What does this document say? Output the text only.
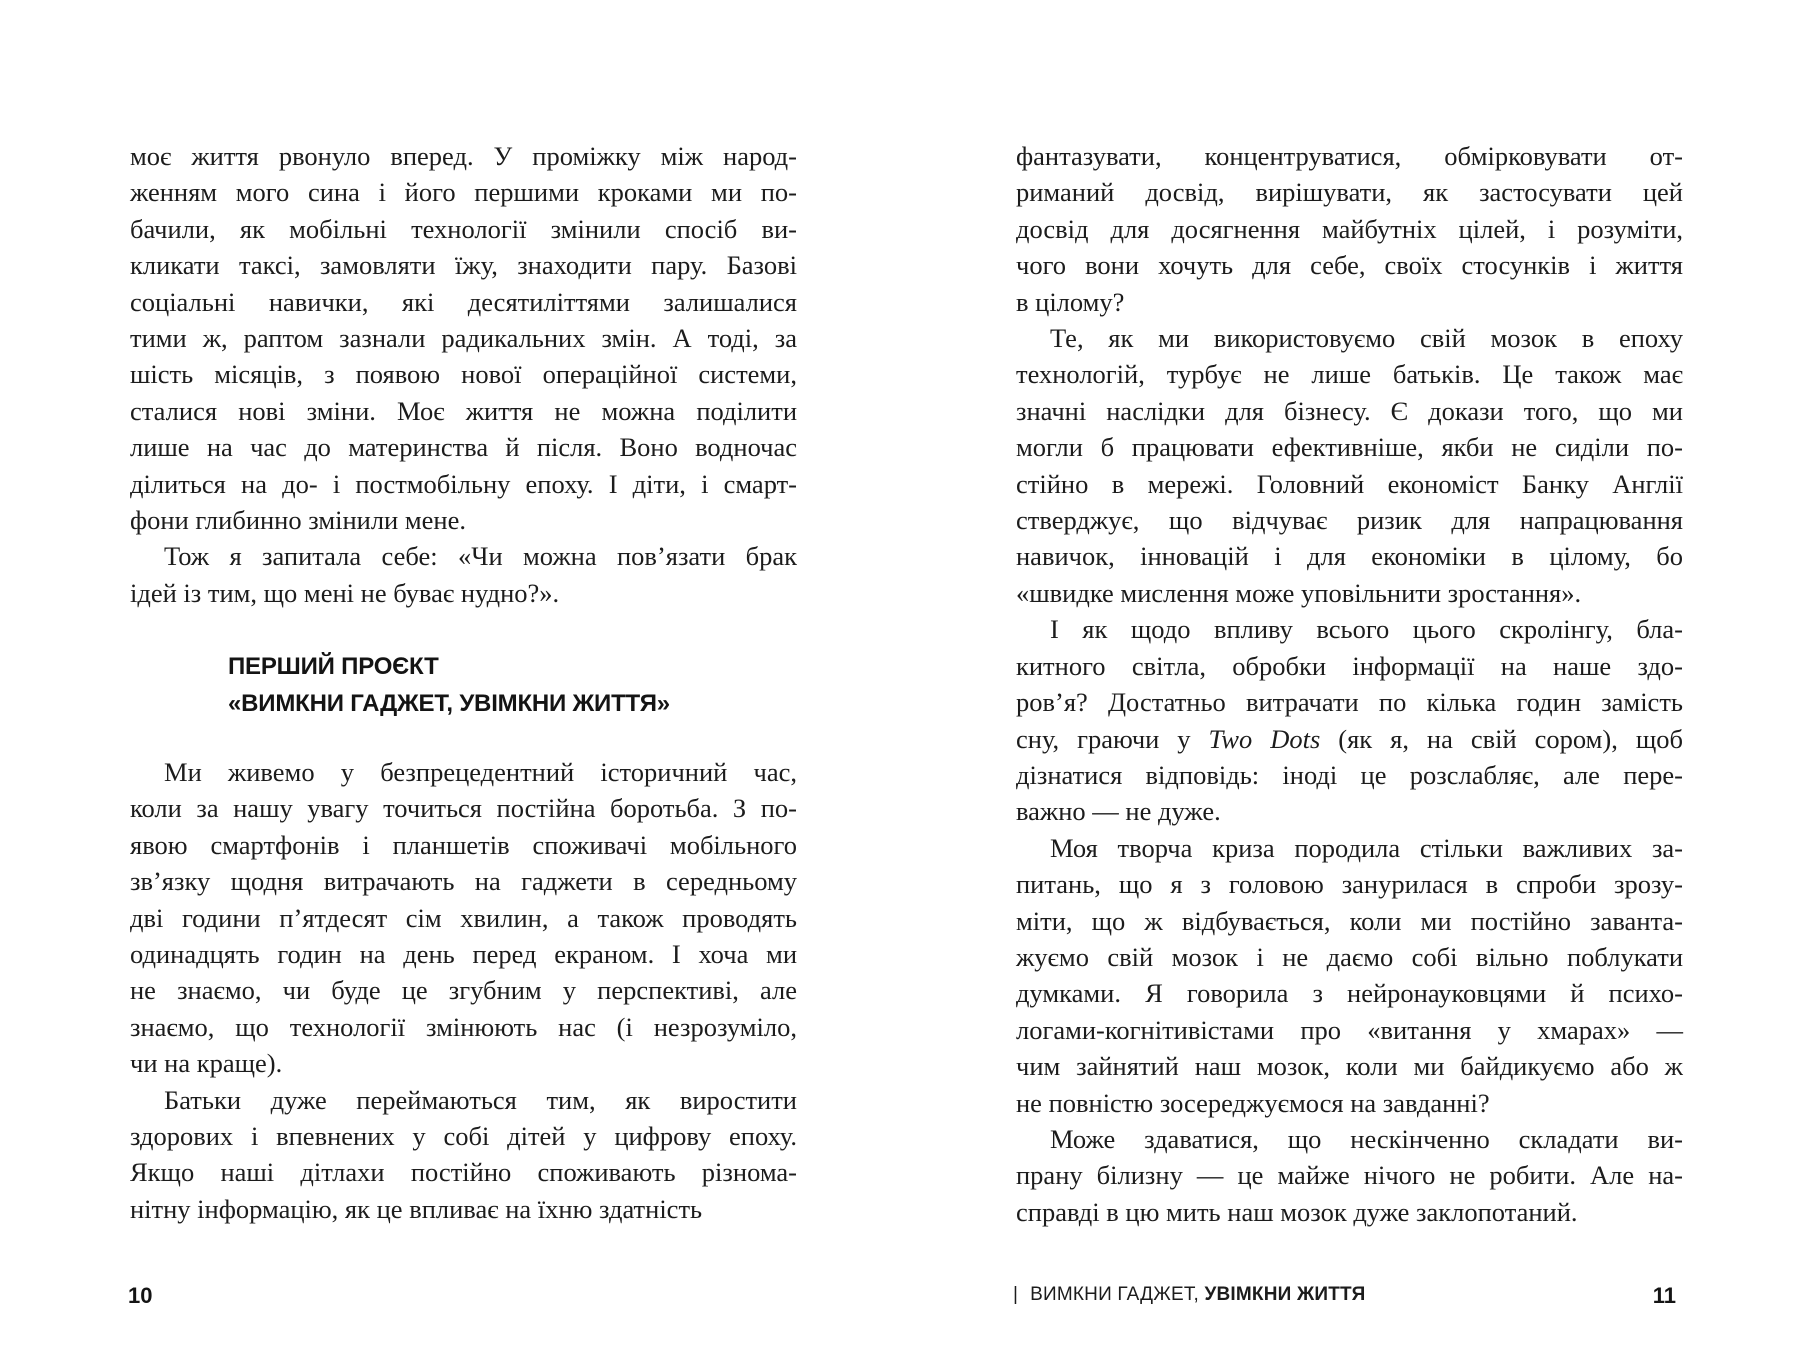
моє життя рвонуло вперед. У проміжку між народ-
женням мого сина і його першими кроками ми по-
бачили, як мобільні технології змінили спосіб ви-
кликати таксі, замовляти їжу, знаходити пару. Базові
соціальні навички, які десятиліттями залишалися
тими ж, раптом зазнали радикальних змін. А тоді, за
шість місяців, з появою нової операційної системи,
сталися нові зміни. Моє життя не можна поділити
лише на час до материнства й після. Воно водночас
ділиться на до- і постмобільну епоху. І діти, і смарт-
фони глибинно змінили мене.
Тож я запитала себе: «Чи можна пов’язати брак
ідей із тим, що мені не буває нудно?».
ПЕРШИЙ ПРОЄКТ
«ВИМКНИ ГАДЖЕТ, УВІМКНИ ЖИТТЯ»
Ми живемо у безпрецедентний історичний час,
коли за нашу увагу точиться постійна боротьба. З по-
явою смартфонів і планшетів споживачі мобільного
зв’язку щодня витрачають на гаджети в середньому
дві години п’ятдесят сім хвилин, а також проводять
одинадцять годин на день перед екраном. І хоча ми
не знаємо, чи буде це згубним у перспективі, але
знаємо, що технології змінюють нас (і незрозуміло,
чи на краще).
Батьки дуже переймаються тим, як виростити
здорових і впевнених у собі дітей у цифрову епоху.
Якщо наші дітлахи постійно споживають різнома-
нітну інформацію, як це впливає на їхню здатність
10
фантазувати, концентруватися, обмірковувати от-
риманий досвід, вирішувати, як застосувати цей
досвід для досягнення майбутніх цілей, і розуміти,
чого вони хочуть для себе, своїх стосунків і життя
в цілому?
Те, як ми використовуємо свій мозок в епоху
технологій, турбує не лише батьків. Це також має
значні наслідки для бізнесу. Є докази того, що ми
могли б працювати ефективніше, якби не сиділи по-
стійно в мережі. Головний економіст Банку Англії
стверджує, що відчуває ризик для напрацювання
навичок, інновацій і для економіки в цілому, бо
«швидке мислення може уповільнити зростання».
І як щодо впливу всього цього скролінгу, бла-
китного світла, обробки інформації на наше здо-
ров’я? Достатньо витрачати по кілька годин замість
сну, граючи у Two Dots (як я, на свій сором), щоб
дізнатися відповідь: іноді це розслабляє, але пере-
важно — не дуже.
Моя творча криза породила стільки важливих за-
питань, що я з головою занурилася в спроби зрозу-
міти, що ж відбувається, коли ми постійно заванта-
жуємо свій мозок і не даємо собі вільно поблукати
думками. Я говорила з нейронауковцями й психо-
логами-когнітивістами про «витання у хмарах» —
чим зайнятий наш мозок, коли ми байдикуємо або ж
не повністю зосереджуємося на завданні?
Може здаватися, що нескінченно складати ви-
прану білизну — це майже нічого не робити. Але на-
справді в цю мить наш мозок дуже заклопотаний.
| ВИМКНИ ГАДЖЕТ, УВІМКНИ ЖИТТЯ	11
